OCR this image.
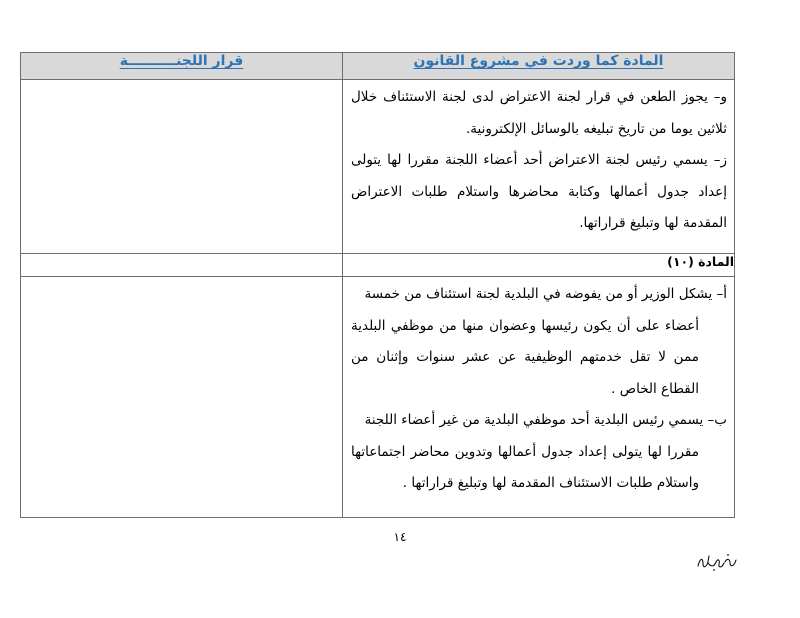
المادة كما وردت في مشروع القانون	قرار اللجنــــــــــة

و– يجوز الطعن في قرار لجنة الاعتراض لدى لجنة الاستئناف خلال ثلاثين يوما من تاريخ تبليغه بالوسائل الإلكترونية.

ز– يسمي رئيس لجنة الاعتراض أحد أعضاء اللجنة مقررا لها يتولى إعداد جدول أعمالها وكتابة محاضرها واستلام طلبات الاعتراض المقدمة لها وتبليغ قراراتها.	

المادة (١٠)	

أ– يشكل الوزير أو من يفوضه في البلدية لجنة استئناف من خمسة

أعضاء على أن يكون رئيسها وعضوان منها من موظفي البلدية ممن لا تقل خدمتهم الوظيفية عن عشر سنوات وإثنان من القطاع الخاص .

ب– يسمي رئيس البلدية أحد موظفي البلدية من غير أعضاء اللجنة

مقررا لها يتولى إعداد جدول أعمالها وتدوين محاضر اجتماعاتها واستلام طلبات الاستئناف المقدمة لها وتبليغ قراراتها .	

١٤
